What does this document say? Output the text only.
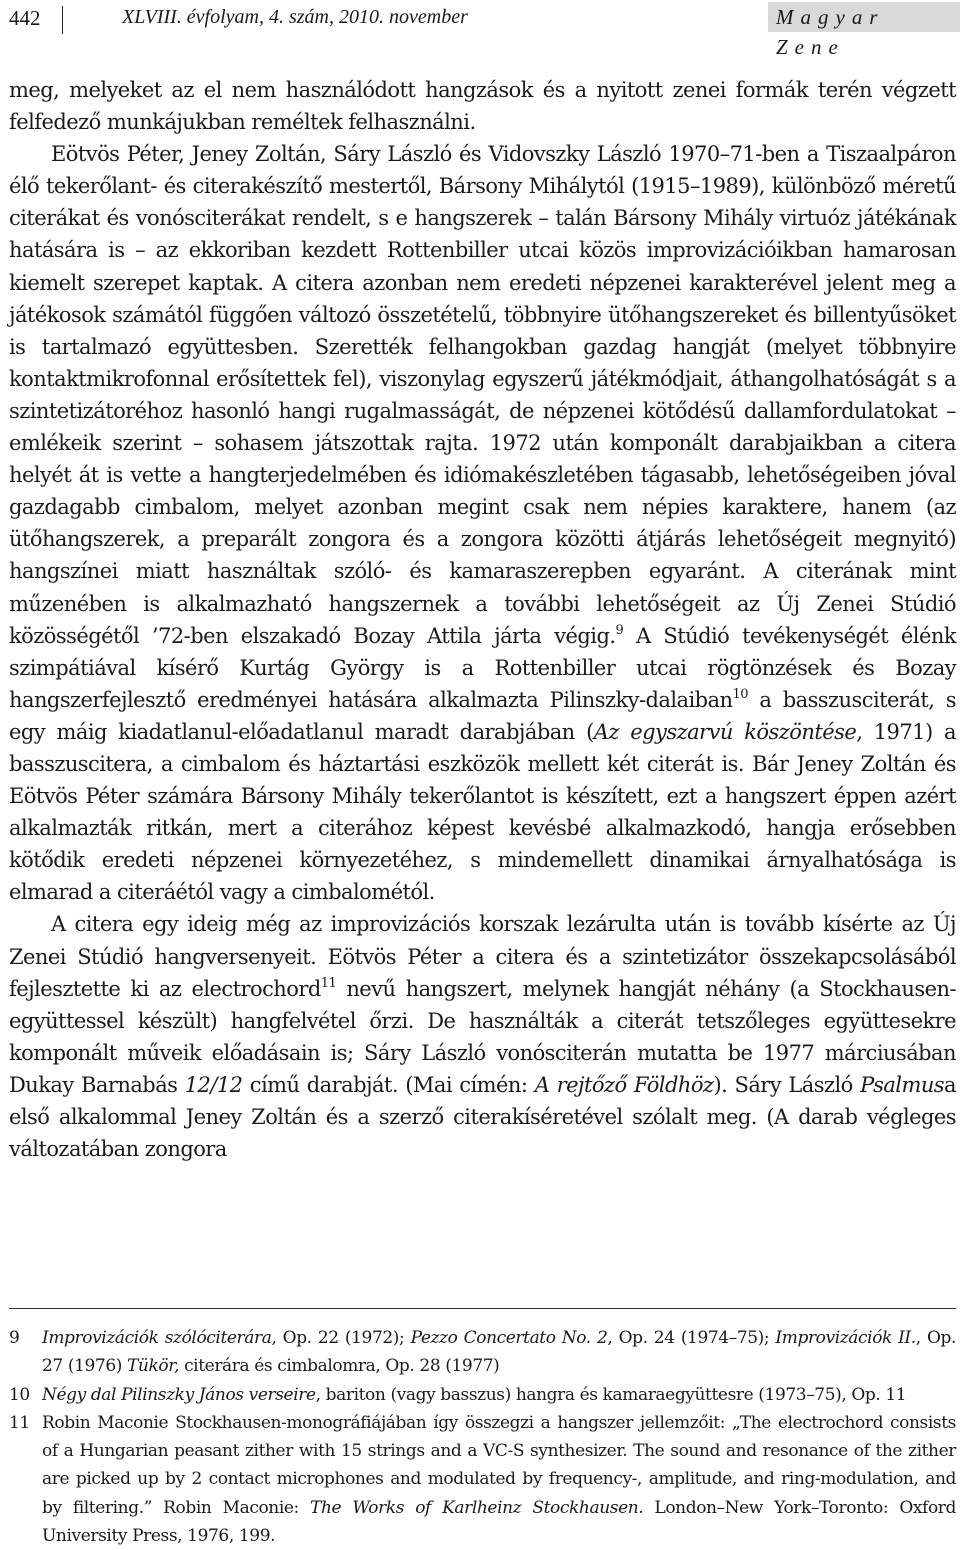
442	XLVIII. évfolyam, 4. szám, 2010. november	Magyar Zene

meg, melyeket az el nem használódott hangzások és a nyitott zenei formák terén végzett felfedező munkájukban reméltek felhasználni.

Eötvös Péter, Jeney Zoltán, Sáry László és Vidovszky László 1970–71-ben a Tiszaalpáron élő tekerőlant- és citerakészítő mestertől, Bársony Mihálytól (1915–1989), különböző méretű citerákat és vonósciterákat rendelt, s e hangszerek – talán Bársony Mihály virtuóz játékának hatására is – az ekkoriban kezdett Rottenbiller utcai közös improvizációikban hamarosan kiemelt szerepet kaptak. A citera azonban nem eredeti népzenei karakterével jelent meg a játékosok számától függően változó összetételű, többnyire ütőhangszereket és billentyűsöket is tartalmazó együttesben. Szerették felhangokban gazdag hangját (melyet többnyire kontaktmikrofonnal erősítettek fel), viszonylag egyszerű játékmódjait, áthangolhatóságát s a szintetizátoréhoz hasonló hangi rugalmasságát, de népzenei kötődésű dallamfordulatokat – emlékeik szerint – sohasem játszottak rajta. 1972 után komponált darabjaikban a citera helyét át is vette a hangterjedelmében és idiómakészletében tágasabb, lehetőségeiben jóval gazdagabb cimbalom, melyet azonban megint csak nem népies karaktere, hanem (az ütőhangszerek, a preparált zongora és a zongora közötti átjárás lehetőségeit megnyitó) hangszínei miatt használtak szóló- és kamaraszerepben egyaránt. A citerának mint műzenében is alkalmazható hangszernek a további lehetőségeit az Új Zenei Stúdió közösségétől ’72-ben elszakadó Bozay Attila járta végig.$^9$ A Stúdió tevékenységét élénk szimpátiával kísérő Kurtág György is a Rottenbiller utcai rögtönzések és Bozay hangszerfejlesztő eredményei hatására alkalmazta Pilinszky-dalaiban$^{10}$ a basszusciterát, s egy máig kiadatlanul-előadatlanul maradt darabjában (Az egyszarvú köszöntése, 1971) a basszuscitera, a cimbalom és háztartási eszközök mellett két citerát is. Bár Jeney Zoltán és Eötvös Péter számára Bársony Mihály tekerőlantot is készített, ezt a hangszert éppen azért alkalmazták ritkán, mert a citerához képest kevésbé alkalmazkodó, hangja erősebben kötődik eredeti népzenei környezetéhez, s mindemellett dinamikai árnyalhatósága is elmarad a citeráétól vagy a cimbalométól.

A citera egy ideig még az improvizációs korszak lezárulta után is tovább kísérte az Új Zenei Stúdió hangversenyeit. Eötvös Péter a citera és a szintetizátor összekapcsolásából fejlesztette ki az electrochord$^{11}$ nevű hangszert, melynek hangját néhány (a Stockhausen-együttessel készült) hangfelvétel őrzi. De használták a citerát tetszőleges együttesekre komponált műveik előadásain is; Sáry László vonósciterán mutatta be 1977 márciusában Dukay Barnabás 12/12 című darabját. (Mai címén: A rejtőző Földhöz). Sáry László Psalmusa első alkalommal Jeney Zoltán és a szerző citerakíséretével szólalt meg. (A darab végleges változatában zongora

9	Improvizációk szólóciterára, Op. 22 (1972); Pezzo Concertato No. 2, Op. 24 (1974–75); Improvizációk II., Op. 27 (1976) Tükör, citerára és cimbalomra, Op. 28 (1977)
10 Négy dal Pilinszky János verseire, bariton (vagy basszus) hangra és kamaraegyüttesre (1973–75), Op. 11
11 Robin Maconie Stockhausen-monográfiájában így összegzi a hangszer jellemzőit: „The electrochord consists of a Hungarian peasant zither with 15 strings and a VC-S synthesizer. The sound and resonance of the zither are picked up by 2 contact microphones and modulated by frequency-, amplitude, and ring-modulation, and by filtering.” Robin Maconie: The Works of Karlheinz Stockhausen. London–New York–Toronto: Oxford University Press, 1976, 199.
